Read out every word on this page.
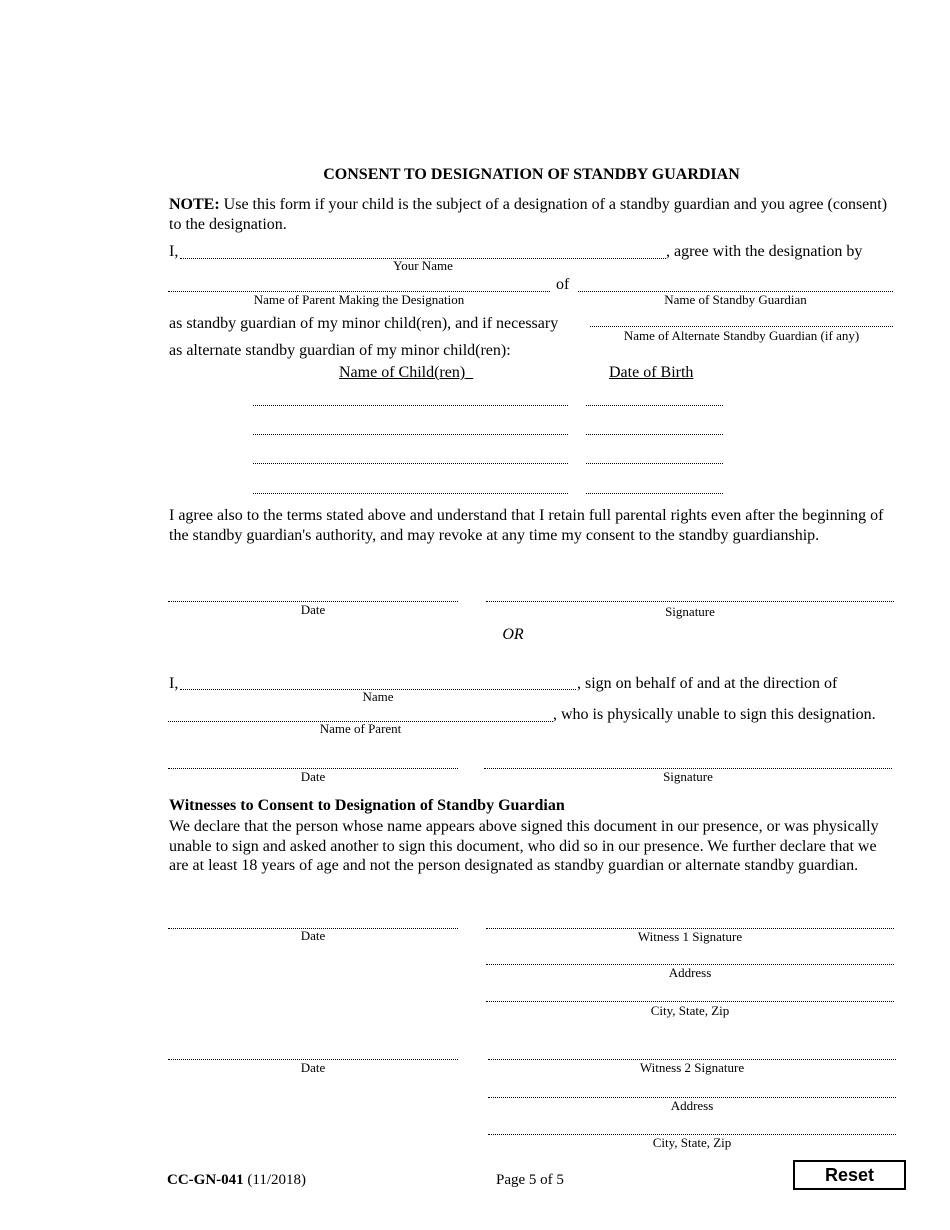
CONSENT TO DESIGNATION OF STANDBY GUARDIAN
NOTE: Use this form if your child is the subject of a designation of a standby guardian and you agree (consent) to the designation.
I,	, agree with the designation by
Your Name
of
Name of Parent Making the Designation	Name of Standby Guardian
as standby guardian of my minor child(ren), and if necessary
Name of Alternate Standby Guardian (if any)
as alternate standby guardian of my minor child(ren):
Name of Child(ren)	Date of Birth
I agree also to the terms stated above and understand that I retain full parental rights even after the beginning of the standby guardian's authority, and may revoke at any time my consent to the standby guardianship.
Date	Signature
OR
I,	, sign on behalf of and at the direction of
Name
, who is physically unable to sign this designation.
Name of Parent
Date	Signature
Witnesses to Consent to Designation of Standby Guardian
We declare that the person whose name appears above signed this document in our presence, or was physically unable to sign and asked another to sign this document, who did so in our presence. We further declare that we are at least 18 years of age and not the person designated as standby guardian or alternate standby guardian.
Date	Witness 1 Signature
Address
City, State, Zip
Date	Witness 2 Signature
Address
City, State, Zip
CC-GN-041 (11/2018)	Page 5 of 5	Reset
